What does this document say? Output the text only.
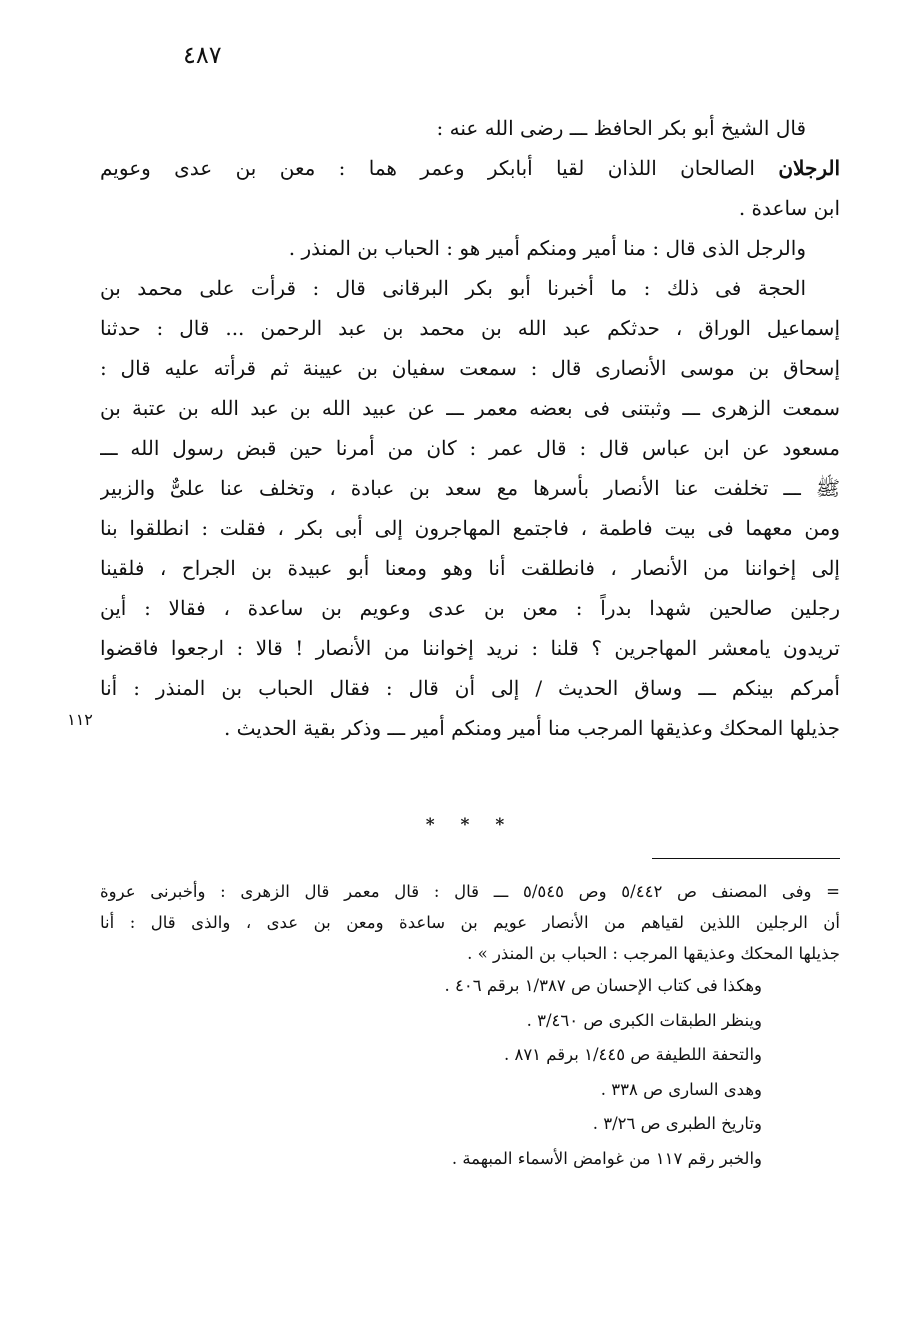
٤٨٧
قال الشيخ أبو بكر الحافظ ـــ رضى الله عنه :
الرجلان الصالحان اللذان لقيا أبابكر وعمر هما : معن بن عدى وعويم
ابن ساعدة .
والرجل الذى قال : منا أمير ومنكم أمير هو : الحباب بن المنذر .
الحجة فى ذلك : ما أخبرنا أبو بكر البرقانى قال : قرأت على محمد بن
إسماعيل الوراق ، حدثكم عبد الله بن محمد بن عبد الرحمن ... قال : حدثنا
إسحاق بن موسى الأنصارى قال : سمعت سفيان بن عيينة ثم قرأته عليه قال :
سمعت الزهرى ـــ وثبتنى فى بعضه معمر ـــ عن عبيد الله بن عبد الله بن عتبة بن
مسعود عن ابن عباس قال : قال عمر : كان من أمرنا حين قبض رسول الله ـــ
ﷺ ـــ تخلفت عنا الأنصار بأسرها مع سعد بن عبادة ، وتخلف عنا علىٌّ والزبير
ومن معهما فى بيت فاطمة ، فاجتمع المهاجرون إلى أبى بكر ، فقلت : انطلقوا بنا
إلى إخواننا من الأنصار ، فانطلقت أنا وهو ومعنا أبو عبيدة بن الجراح ، فلقينا
رجلين صالحين شهدا بدراً : معن بن عدى وعويم بن ساعدة ، فقالا : أين
تريدون يامعشر المهاجرين ؟ قلنا : نريد إخواننا من الأنصار ! قالا : ارجعوا فاقضوا
أمركم بينكم ـــ وساق الحديث / إلى أن قال : فقال الحباب بن المنذر : أنا
جذيلها المحكك وعذيقها المرجب منا أمير ومنكم أمير ـــ وذكر بقية الحديث .
١١٢
* * *
= وفى المصنف ص ٥/٤٤٢ وص ٥/٥٤٥ ـــ قال : قال معمر قال الزهرى : وأخبرنى عروة
أن الرجلين اللذين لقياهم من الأنصار عويم بن ساعدة ومعن بن عدى ، والذى قال : أنا
جذيلها المحكك وعذيقها المرجب : الحباب بن المنذر » .
وهكذا فى كتاب الإحسان ص ١/٣٨٧ برقم ٤٠٦ .
وينظر الطبقات الكبرى ص ٣/٤٦٠ .
والتحفة اللطيفة ص ١/٤٤٥ برقم ٨٧١ .
وهدى السارى ص ٣٣٨ .
وتاريخ الطبرى ص ٣/٢٦ .
والخبر رقم ١١٧ من غوامض الأسماء المبهمة .
